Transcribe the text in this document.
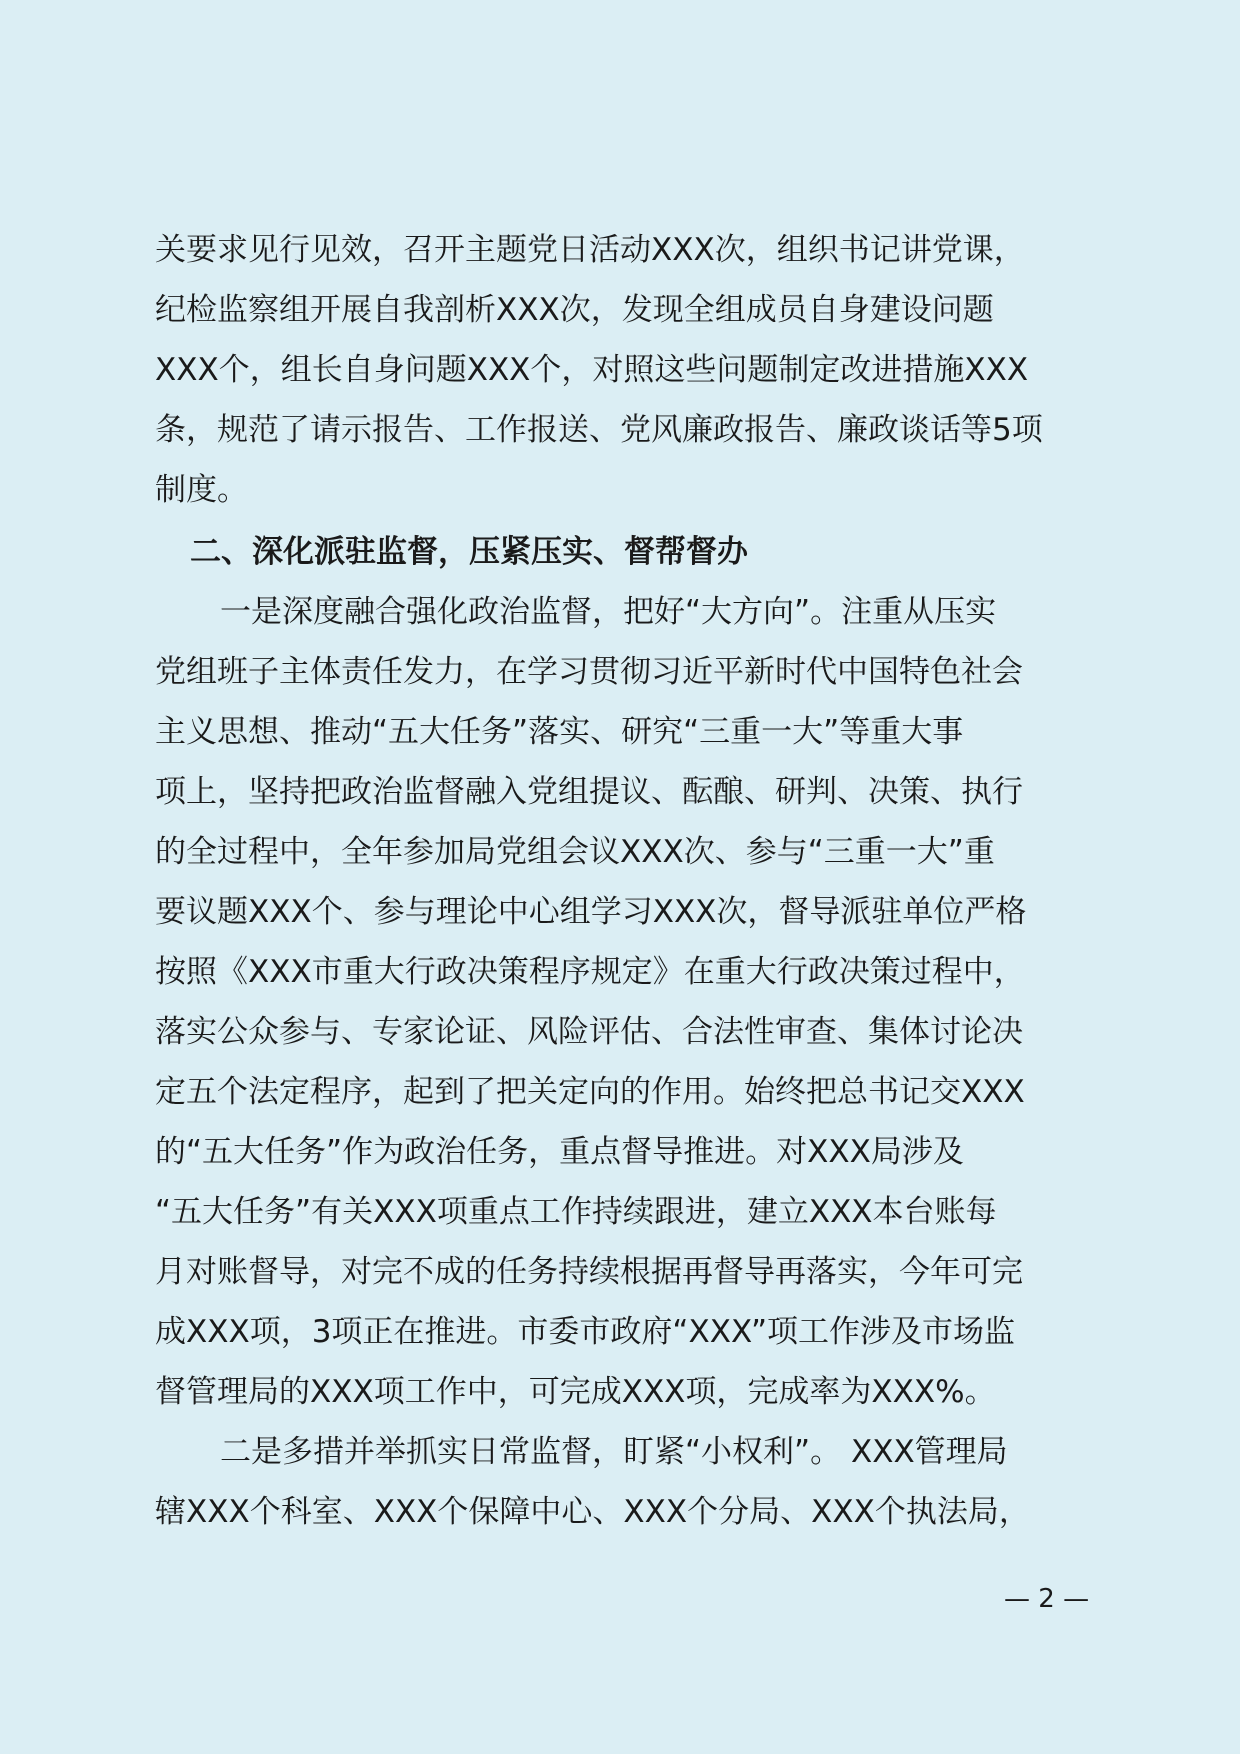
关要求见行见效，召开主题党日活动XXX次，组织书记讲党课，
纪检监察组开展自我剖析XXX次，发现全组成员自身建设问题
XXX个，组长自身问题XXX个，对照这些问题制定改进措施XXX
条，规范了请示报告、工作报送、党风廉政报告、廉政谈话等5项
制度。
二、深化派驻监督，压紧压实、督帮督办
一是深度融合强化政治监督，把好“大方向”。注重从压实
党组班子主体责任发力，在学习贯彻习近平新时代中国特色社会
主义思想、推动“五大任务”落实、研究“三重一大”等重大事
项上，坚持把政治监督融入党组提议、酝酿、研判、决策、执行
的全过程中，全年参加局党组会议XXX次、参与“三重一大”重
要议题XXX个、参与理论中心组学习XXX次，督导派驻单位严格
按照《XXX市重大行政决策程序规定》在重大行政决策过程中，
落实公众参与、专家论证、风险评估、合法性审查、集体讨论决
定五个法定程序，起到了把关定向的作用。始终把总书记交XXX
的“五大任务”作为政治任务，重点督导推进。对XXX局涉及
“五大任务”有关XXX项重点工作持续跟进，建立XXX本台账每
月对账督导，对完不成的任务持续根据再督导再落实，今年可完
成XXX项，3项正在推进。市委市政府“XXX”项工作涉及市场监
督管理局的XXX项工作中，可完成XXX项，完成率为XXX%。
二是多措并举抓实日常监督，盯紧“小权利”。 XXX管理局
辖XXX个科室、XXX个保障中心、XXX个分局、XXX个执法局，
— 2 —
